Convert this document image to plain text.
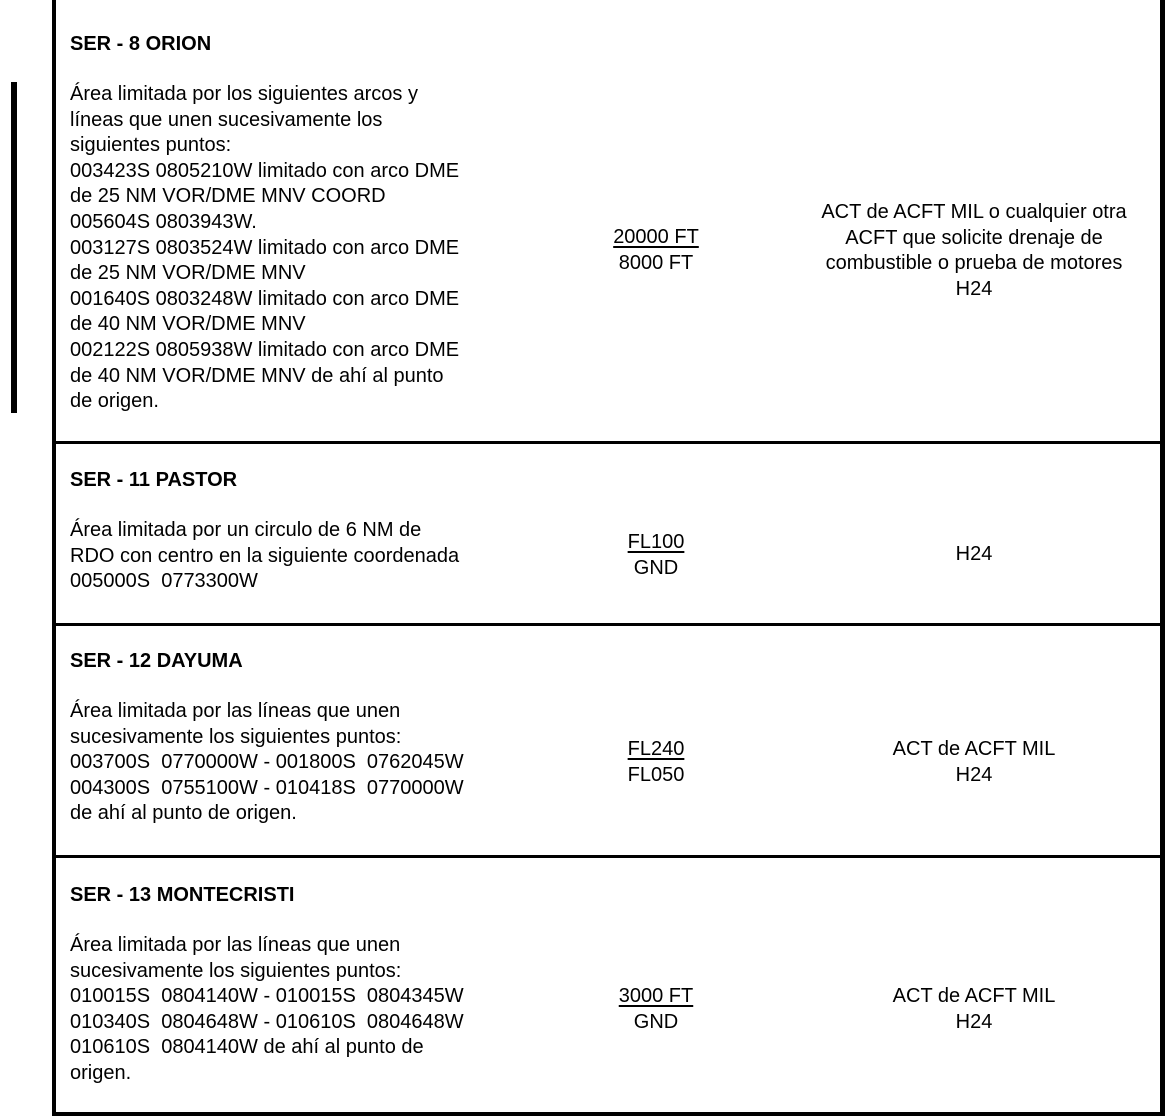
SER - 8 ORION
Área limitada por los siguientes arcos y
líneas que unen sucesivamente los
siguientes puntos:
003423S 0805210W limitado con arco DME
de 25 NM VOR/DME MNV COORD
005604S 0803943W.
003127S 0803524W limitado con arco DME
de 25 NM VOR/DME MNV
001640S 0803248W limitado con arco DME
de 40 NM VOR/DME MNV
002122S 0805938W limitado con arco DME
de 40 NM VOR/DME MNV de ahí al punto
de origen.
20000 FT
8000 FT
ACT de ACFT MIL o cualquier otra
ACFT que solicite drenaje de
combustible o prueba de motores
H24
SER - 11 PASTOR
Área limitada por un circulo de 6 NM de
RDO con centro en la siguiente coordenada
005000S  0773300W
FL100
GND
H24
SER - 12 DAYUMA
Área limitada por las líneas que unen
sucesivamente los siguientes puntos:
003700S  0770000W - 001800S  0762045W
004300S  0755100W - 010418S  0770000W
de ahí al punto de origen.
FL240
FL050
ACT de ACFT MIL
H24
SER - 13 MONTECRISTI
Área limitada por las líneas que unen
sucesivamente los siguientes puntos:
010015S  0804140W - 010015S  0804345W
010340S  0804648W - 010610S  0804648W
010610S  0804140W de ahí al punto de
origen.
3000 FT
GND
ACT de ACFT MIL
H24
